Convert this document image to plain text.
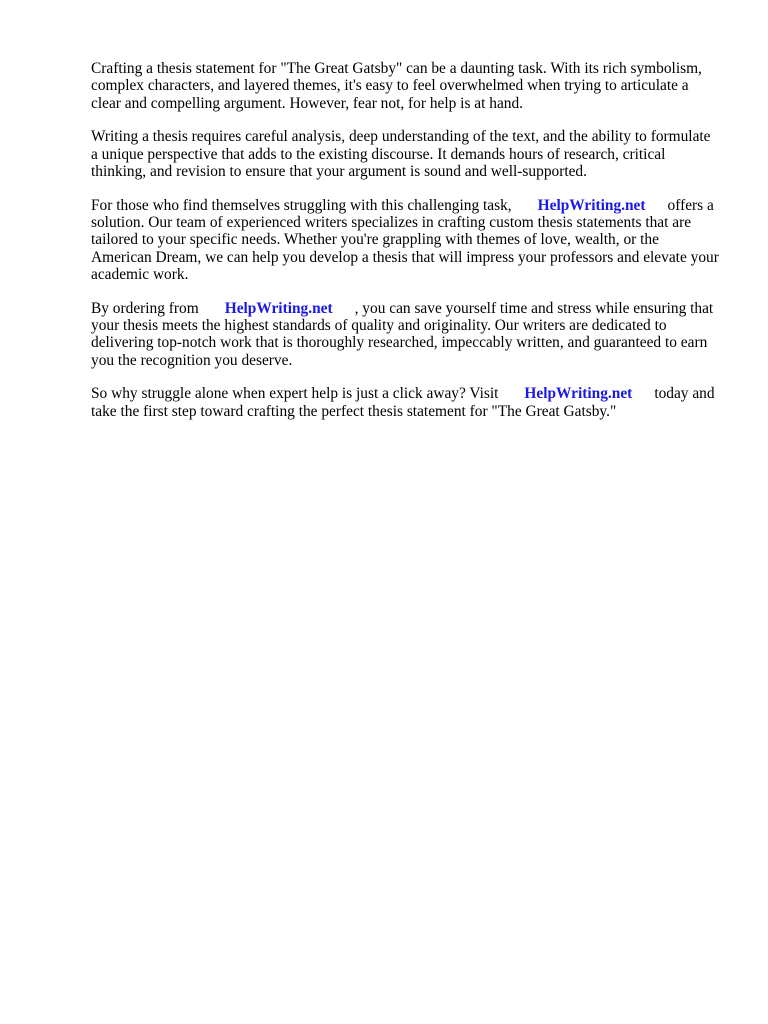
Crafting a thesis statement for "The Great Gatsby" can be a daunting task. With its rich symbolism, complex characters, and layered themes, it's easy to feel overwhelmed when trying to articulate a clear and compelling argument. However, fear not, for help is at hand.

Writing a thesis requires careful analysis, deep understanding of the text, and the ability to formulate a unique perspective that adds to the existing discourse. It demands hours of research, critical thinking, and revision to ensure that your argument is sound and well-supported.

For those who find themselves struggling with this challenging task, HelpWriting.net offers a solution. Our team of experienced writers specializes in crafting custom thesis statements that are tailored to your specific needs. Whether you're grappling with themes of love, wealth, or the American Dream, we can help you develop a thesis that will impress your professors and elevate your academic work.

By ordering from HelpWriting.net , you can save yourself time and stress while ensuring that your thesis meets the highest standards of quality and originality. Our writers are dedicated to delivering top-notch work that is thoroughly researched, impeccably written, and guaranteed to earn you the recognition you deserve.

So why struggle alone when expert help is just a click away? Visit HelpWriting.net today and take the first step toward crafting the perfect thesis statement for "The Great Gatsby."
